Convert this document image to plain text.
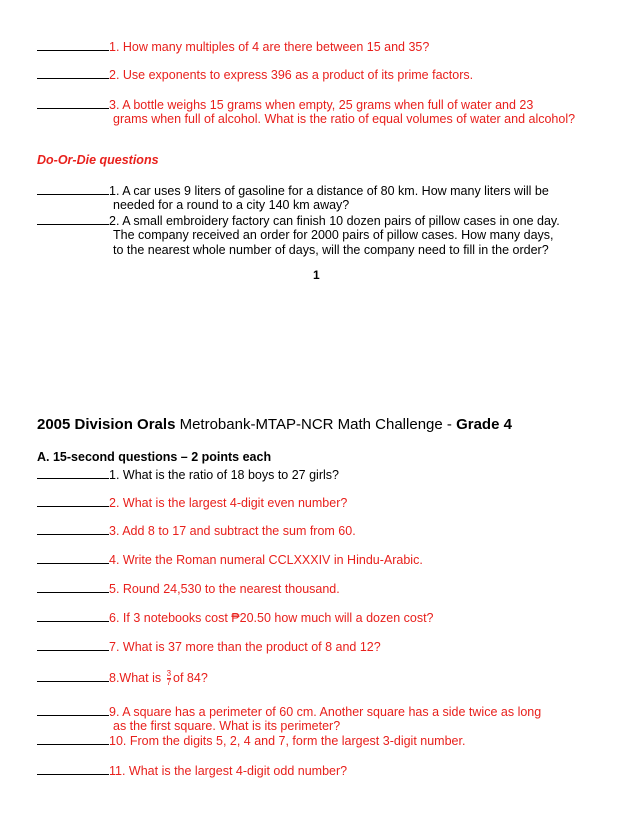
1. How many multiples of 4 are there between 15 and 35?
2. Use exponents to express 396 as a product of its prime factors.
3. A bottle weighs 15 grams when empty, 25 grams when full of water and 23
grams when full of alcohol. What is the ratio of equal volumes of water and alcohol?
Do-Or-Die questions
1. A car uses 9 liters of gasoline for a distance of 80 km. How many liters will be
needed for a round to a city 140 km away?
2. A small embroidery factory can finish 10 dozen pairs of pillow cases in one day.
The company received an order for 2000 pairs of pillow cases. How many days,
to the nearest whole number of days, will the company need to fill in the order?
1
2005 Division Orals Metrobank-MTAP-NCR Math Challenge - Grade 4
A. 15-second questions – 2 points each
1. What is the ratio of 18 boys to 27 girls?
2. What is the largest 4-digit even number?
3. Add 8 to 17 and subtract the sum from 60.
4. Write the Roman numeral CCLXXXIV in Hindu-Arabic.
5. Round 24,530 to the nearest thousand.
6. If 3 notebooks cost ₱20.50 how much will a dozen cost?
7. What is 37 more than the product of 8 and 12?
8.What is $\frac{3}{7}$ of 84?
9. A square has a perimeter of 60 cm. Another square has a side twice as long
as the first square. What is its perimeter?
10. From the digits 5, 2, 4 and 7, form the largest 3-digit number.
11. What is the largest 4-digit odd number?
